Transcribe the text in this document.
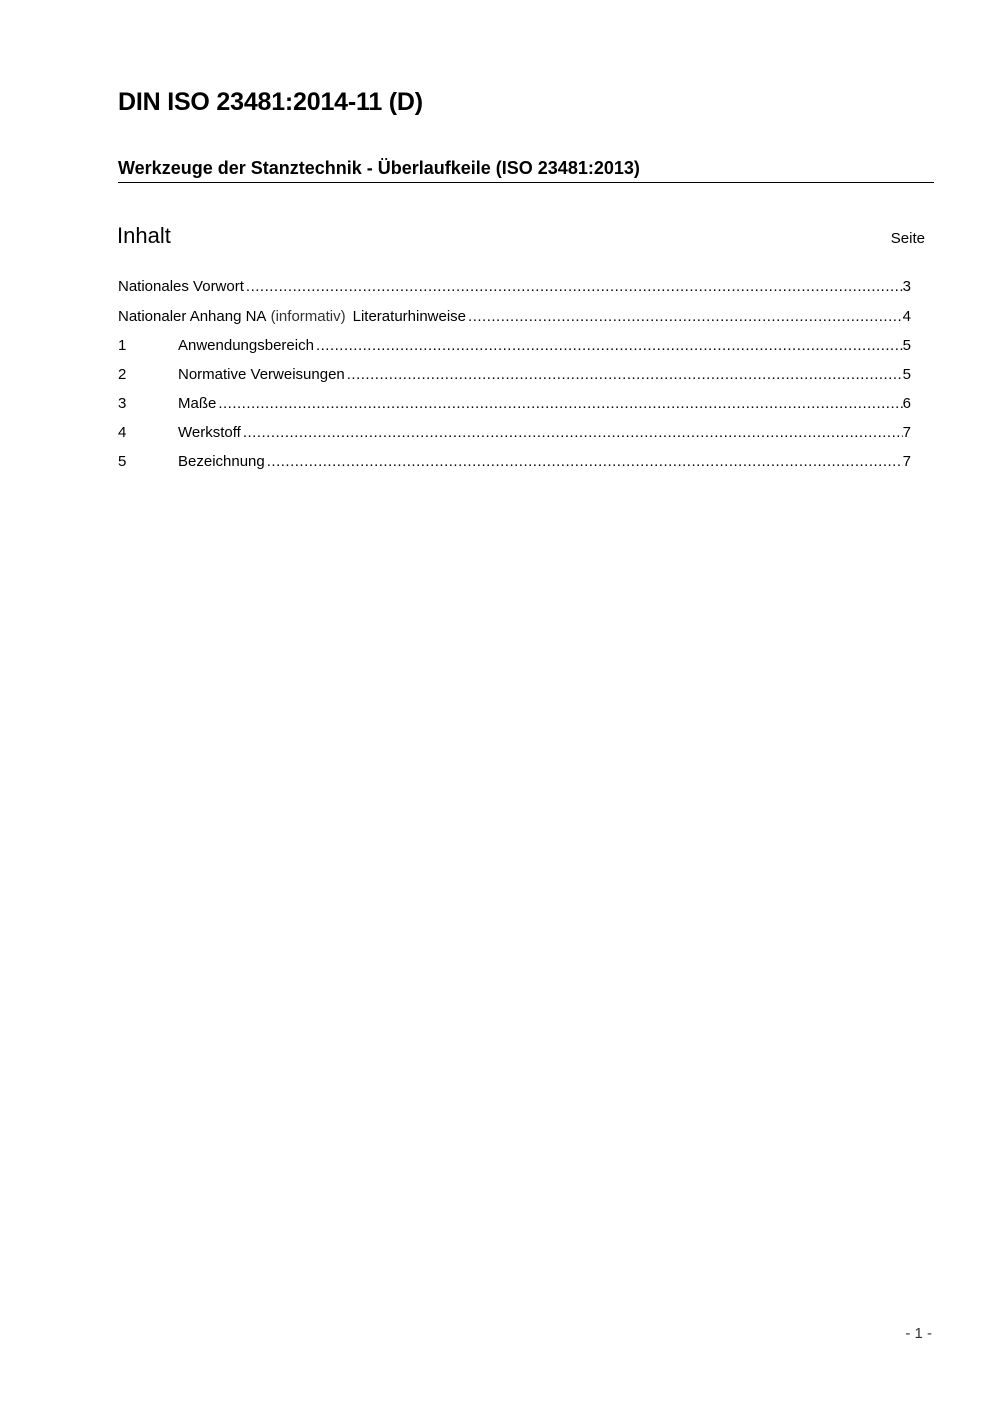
DIN ISO 23481:2014-11 (D)
Werkzeuge der Stanztechnik - Überlaufkeile (ISO 23481:2013)
Inhalt	Seite
Nationales Vorwort .....	3
Nationaler Anhang NA
(informativ) Literaturhinweise .....	4
1	Anwendungsbereich .....	5
2	Normative Verweisungen .....	5
3	Maße .....	6
4	Werkstoff .....	7
5	Bezeichnung .....	7
- 1 -
